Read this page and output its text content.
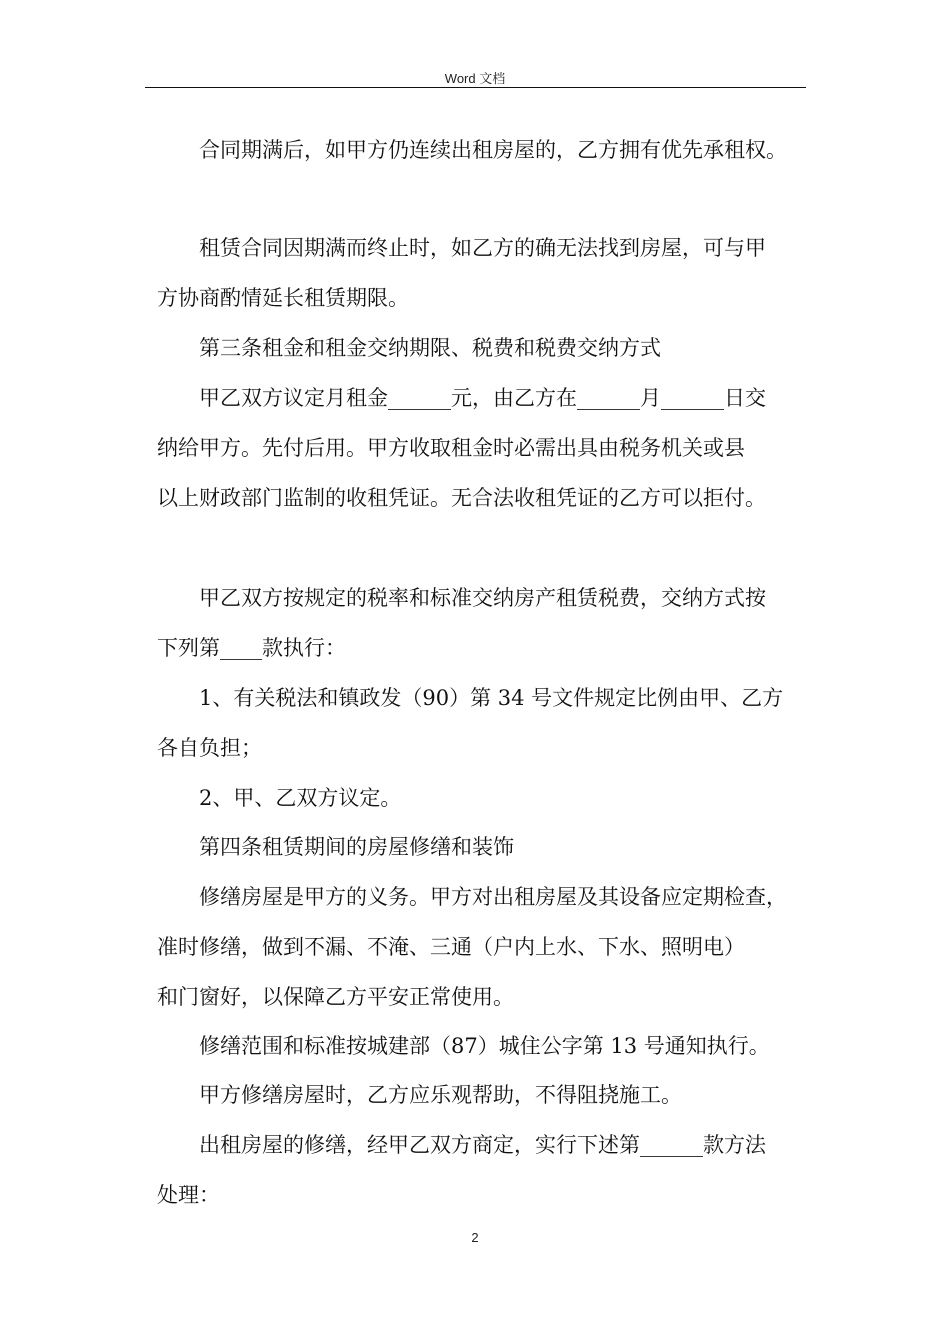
Word 文档
合同期满后，如甲方仍连续出租房屋的，乙方拥有优先承租权。
租赁合同因期满而终止时，如乙方的确无法找到房屋，可与甲
方协商酌情延长租赁期限。
第三条租金和租金交纳期限、税费和税费交纳方式
甲乙双方议定月租金______元，由乙方在______月______日交
纳给甲方。先付后用。甲方收取租金时必需出具由税务机关或县
以上财政部门监制的收租凭证。无合法收租凭证的乙方可以拒付。
甲乙双方按规定的税率和标准交纳房产租赁税费，交纳方式按
下列第____款执行：
1、有关税法和镇政发（90）第 34 号文件规定比例由甲、乙方
各自负担；
2、甲、乙双方议定。
第四条租赁期间的房屋修缮和装饰
修缮房屋是甲方的义务。甲方对出租房屋及其设备应定期检查，
准时修缮，做到不漏、不淹、三通（户内上水、下水、照明电）
和门窗好，以保障乙方平安正常使用。
修缮范围和标准按城建部（87）城住公字第 13 号通知执行。
甲方修缮房屋时，乙方应乐观帮助，不得阻挠施工。
出租房屋的修缮，经甲乙双方商定，实行下述第______款方法
处理：
2
